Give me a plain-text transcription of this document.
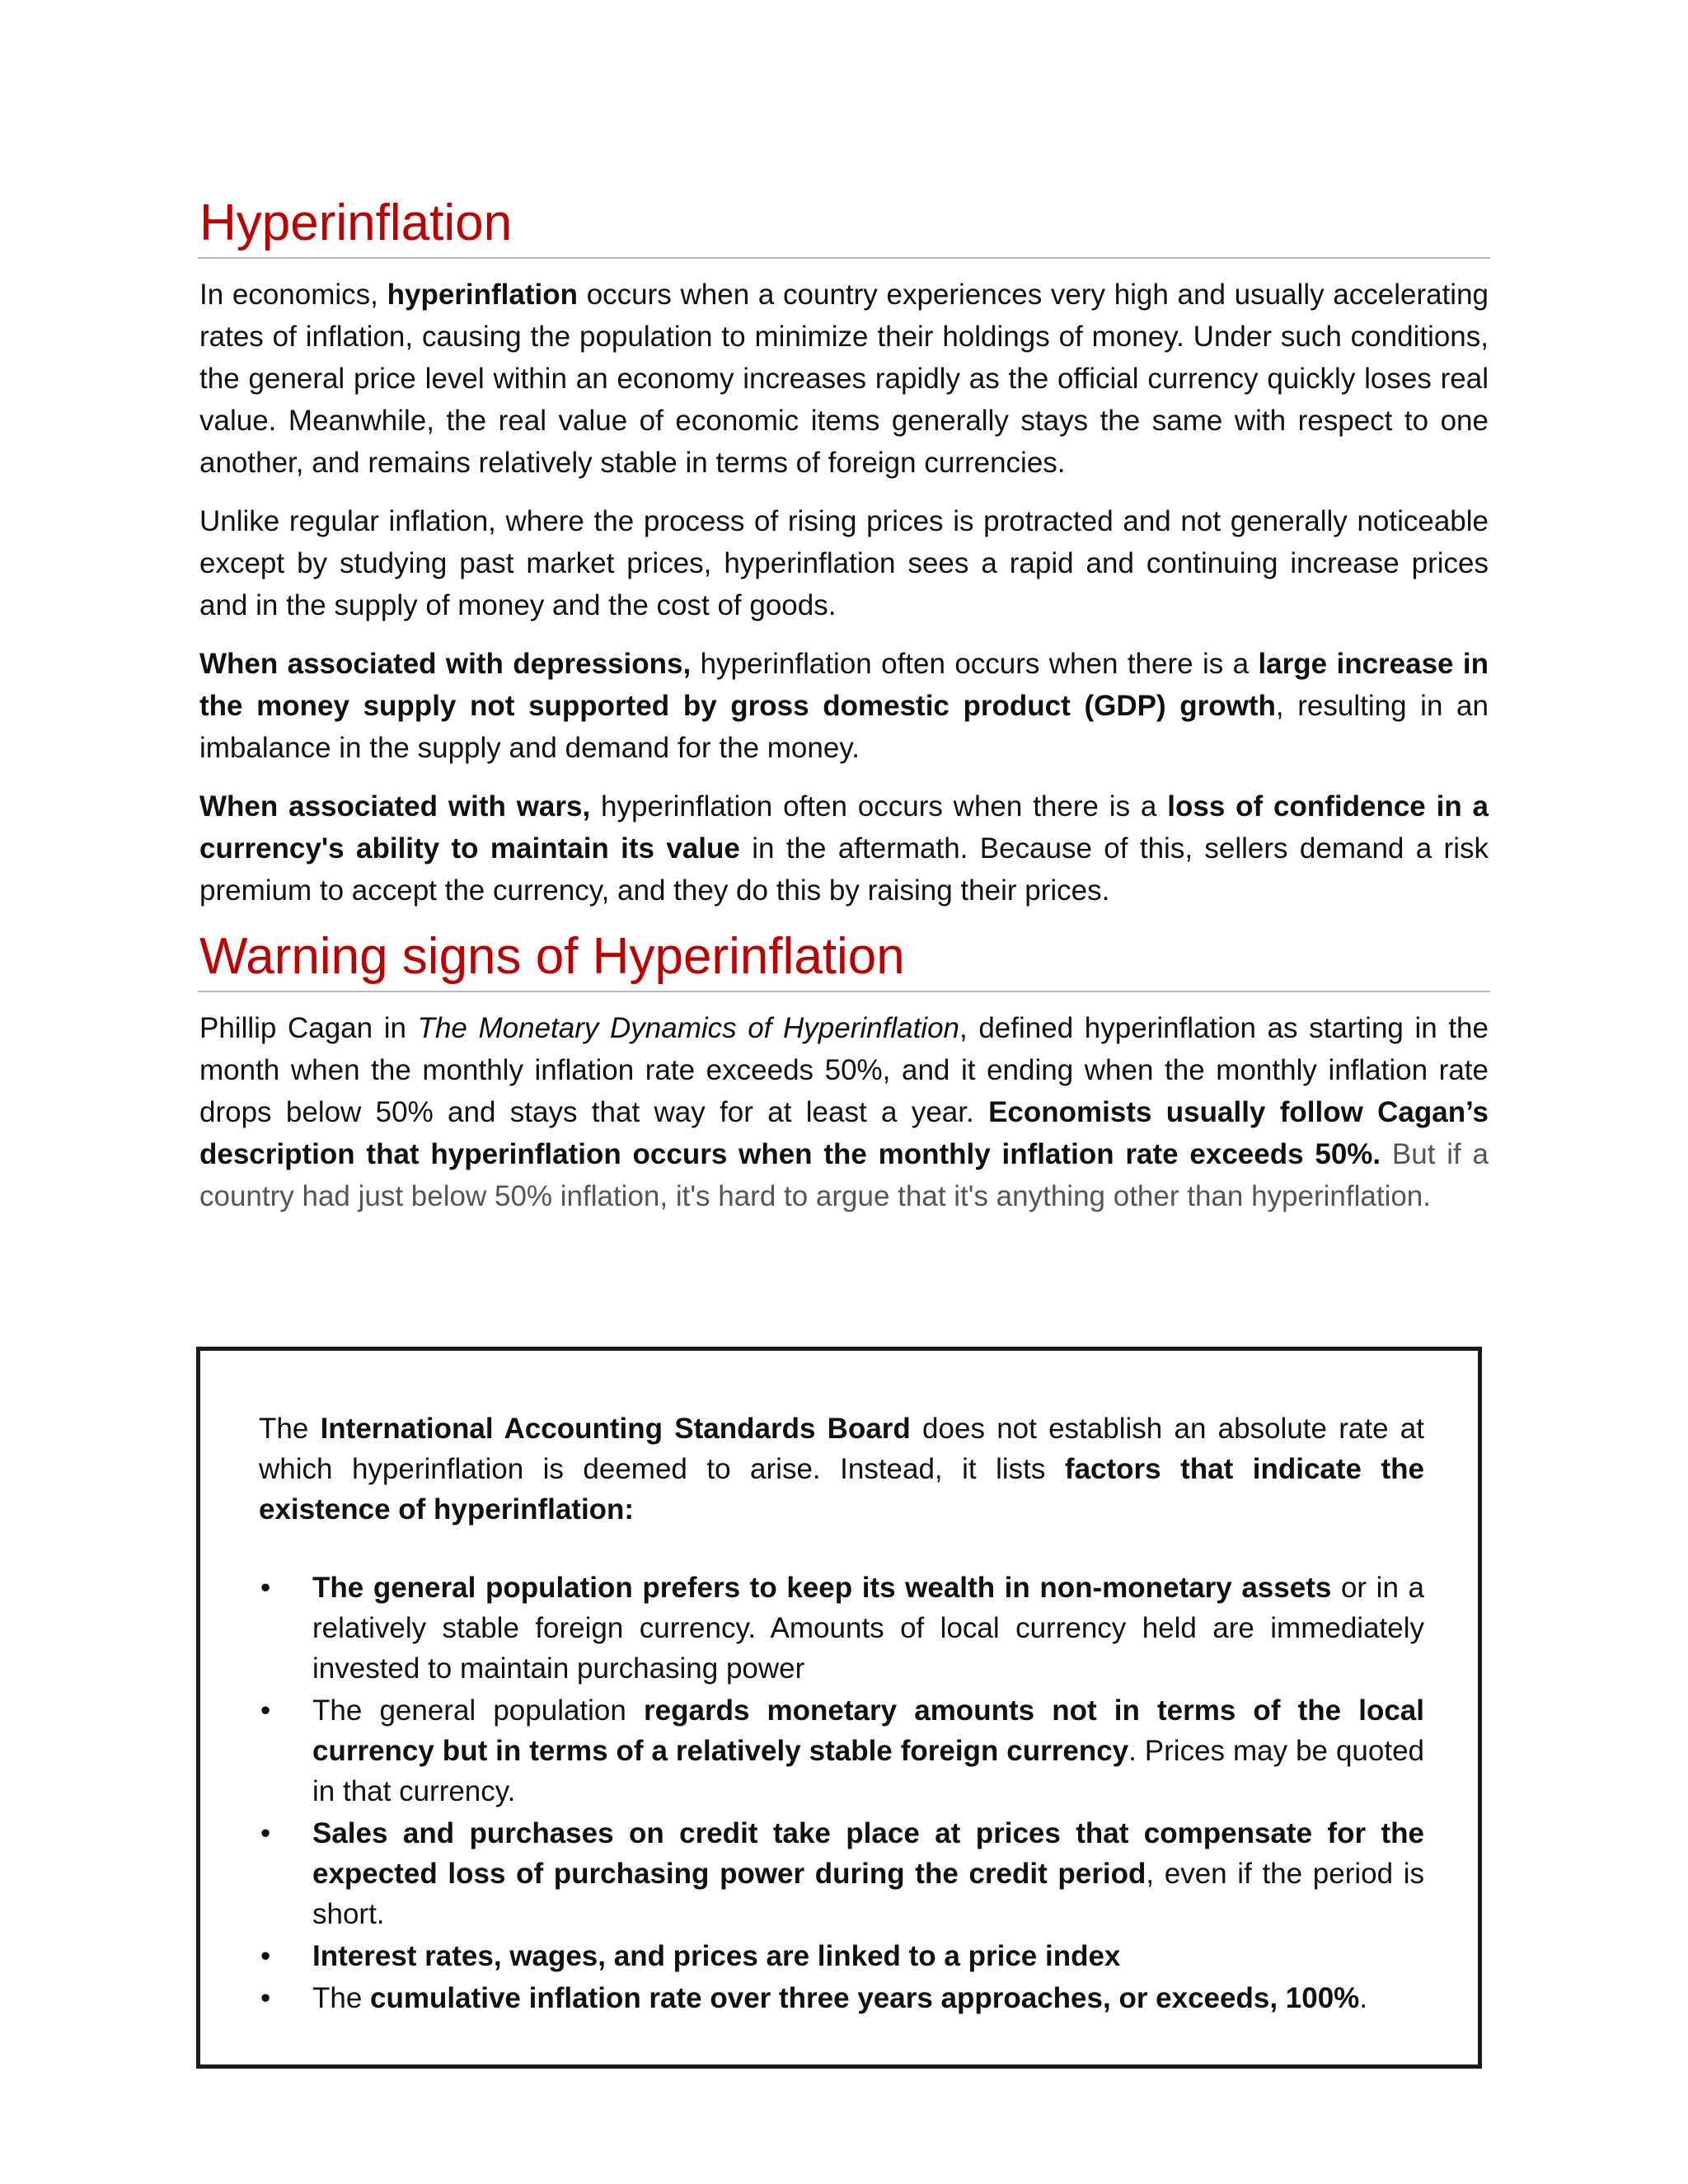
Hyperinflation

In economics, hyperinflation occurs when a country experiences very high and usually accelerating rates of inflation, causing the population to minimize their holdings of money. Under such conditions, the general price level within an economy increases rapidly as the official currency quickly loses real value. Meanwhile, the real value of economic items generally stays the same with respect to one another, and remains relatively stable in terms of foreign currencies.

Unlike regular inflation, where the process of rising prices is protracted and not generally noticeable except by studying past market prices, hyperinflation sees a rapid and continuing increase prices and in the supply of money and the cost of goods.

When associated with depressions, hyperinflation often occurs when there is a large increase in the money supply not supported by gross domestic product (GDP) growth, resulting in an imbalance in the supply and demand for the money.

When associated with wars, hyperinflation often occurs when there is a loss of confidence in a currency's ability to maintain its value in the aftermath. Because of this, sellers demand a risk premium to accept the currency, and they do this by raising their prices.

Warning signs of Hyperinflation

Phillip Cagan in The Monetary Dynamics of Hyperinflation, defined hyperinflation as starting in the month when the monthly inflation rate exceeds 50%, and it ending when the monthly inflation rate drops below 50% and stays that way for at least a year. Economists usually follow Cagan’s description that hyperinflation occurs when the monthly inflation rate exceeds 50%. But if a country had just below 50% inflation, it's hard to argue that it's anything other than hyperinflation.

The International Accounting Standards Board does not establish an absolute rate at which hyperinflation is deemed to arise. Instead, it lists factors that indicate the existence of hyperinflation:

• The general population prefers to keep its wealth in non-monetary assets or in a relatively stable foreign currency. Amounts of local currency held are immediately invested to maintain purchasing power
• The general population regards monetary amounts not in terms of the local currency but in terms of a relatively stable foreign currency. Prices may be quoted in that currency.
• Sales and purchases on credit take place at prices that compensate for the expected loss of purchasing power during the credit period, even if the period is short.
• Interest rates, wages, and prices are linked to a price index
• The cumulative inflation rate over three years approaches, or exceeds, 100%.
